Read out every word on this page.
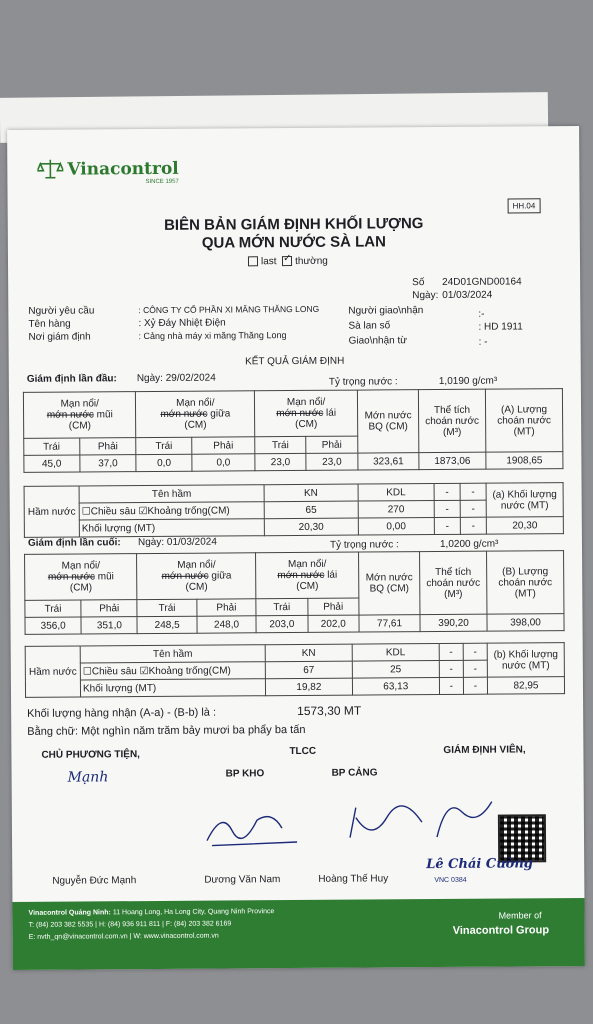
Vinacontrol
SINCE 1957
HH.04
BIÊN BẢN GIÁM ĐỊNH KHỐI LƯỢNG
QUA MỚN NƯỚC SÀ LAN
last ✓ thường
Số 24D01GND00164
Ngày: 01/03/2024
Người yêu cầu	: CÔNG TY CỔ PHẦN XI MĂNG THĂNG LONG
Tên hàng	: Xỷ Đáy Nhiệt Điện
Nơi giám định	: Cảng nhà máy xi măng Thăng Long
Người giao\nhận	:-
Sà lan số	: HD 1911
Giao\nhận từ	: -
KẾT QUẢ GIÁM ĐỊNH
Giám định lần đầu: Ngày: 29/02/2024	Tỷ trọng nước :	1,0190 g/cm³
Mạn nổi/
mớn nước mũi
(CM)		Mạn nổi/
mớn nước giữa
(CM)		Mạn nổi/
mớn nước lái
(CM)		Mớn nước BQ (CM)	Thể tích choán nước (M³)	(A) Lượng choán nước (MT)
Trái	Phải	Trái	Phải	Trái	Phải			
45,0	37,0	0,0	0,0	23,0	23,0	323,61	1873,06	1908,65
Hầm nước	Tên hầm	KN	KDL	-	-	(a) Khối lượng nước (MT)
	☐Chiều sâu ☑Khoảng trống(CM)	65	270	-	-	
	Khối lượng (MT)	20,30	0,00	-	-	20,30
Giám định lần cuối: Ngày: 01/03/2024	Tỷ trọng nước :	1,0200 g/cm³
Mạn nổi/
mớn nước mũi
(CM)		Mạn nổi/
mớn nước giữa
(CM)		Mạn nổi/
mớn nước lái
(CM)		Mớn nước BQ (CM)	Thể tích choán nước (M³)	(B) Lượng choán nước (MT)
Trái	Phải	Trái	Phải	Trái	Phải			
356,0	351,0	248,5	248,0	203,0	202,0	77,61	390,20	398,00
Hầm nước	Tên hầm	KN	KDL	-	-	(b) Khối lượng nước (MT)
	☐Chiều sâu ☑Khoảng trống(CM)	67	25	-	-	
	Khối lượng (MT)	19,82	63,13	-	-	82,95
Khối lượng hàng nhận (A-a) - (B-b) là :	1573,30 MT
Bằng chữ: Một nghìn năm trăm bảy mươi ba phẩy ba tấn
CHỦ PHƯƠNG TIỆN,	TLCC	GIÁM ĐỊNH VIÊN,
BP KHO	BP CẢNG
Mạnh
Nguyễn Đức Mạnh	Dương Văn Nam	Hoàng Thế Huy
Lê Chái Cường
VNC 0384
Vinacontrol Quảng Ninh: 11 Hoang Long, Ha Long City, Quang Ninh Province
T: (84) 203 382 5535 | H: (84) 936 911 811 | F: (84) 203 382 6169
E: nvth_qn@vinacontrol.com.vn | W: www.vinacontrol.com.vn
Member of
Vinacontrol Group
